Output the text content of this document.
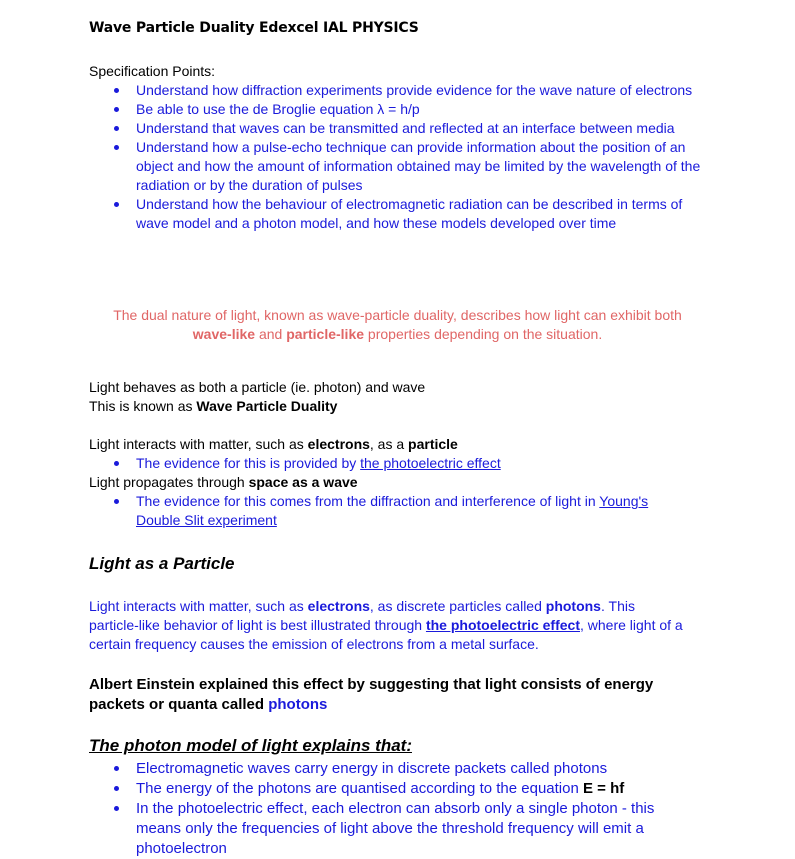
Wave Particle Duality Edexcel IAL PHYSICS
Specification Points:
Understand how diffraction experiments provide evidence for the wave nature of electrons
Be able to use the de Broglie equation λ = h/p
Understand that waves can be transmitted and reflected at an interface between media
Understand how a pulse-echo technique can provide information about the position of an object and how the amount of information obtained may be limited by the wavelength of the radiation or by the duration of pulses
Understand how the behaviour of electromagnetic radiation can be described in terms of wave model and a photon model, and how these models developed over time
The dual nature of light, known as wave-particle duality, describes how light can exhibit both
wave-like and particle-like properties depending on the situation.
Light behaves as both a particle (ie. photon) and wave
This is known as Wave Particle Duality
Light interacts with matter, such as electrons, as a particle
The evidence for this is provided by the photoelectric effect
Light propagates through space as a wave
The evidence for this comes from the diffraction and interference of light in Young's
Double Slit experiment
Light as a Particle
Light interacts with matter, such as electrons, as discrete particles called photons. This
particle-like behavior of light is best illustrated through the photoelectric effect, where light of a
certain frequency causes the emission of electrons from a metal surface.
Albert Einstein explained this effect by suggesting that light consists of energy
packets or quanta called photons
The photon model of light explains that:
Electromagnetic waves carry energy in discrete packets called photons
The energy of the photons are quantised according to the equation E = hf
In the photoelectric effect, each electron can absorb only a single photon - this
means only the frequencies of light above the threshold frequency will emit a
photoelectron
